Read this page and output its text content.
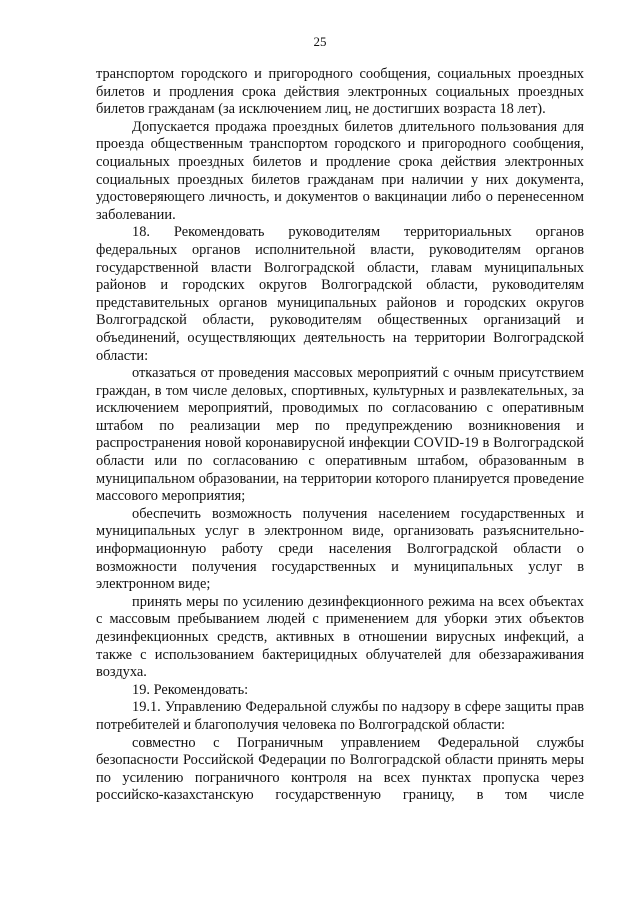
25

транспортом городского и пригородного сообщения, социальных проездных билетов и продления срока действия электронных социальных проездных билетов гражданам (за исключением лиц, не достигших возраста 18 лет).

Допускается продажа проездных билетов длительного пользования для проезда общественным транспортом городского и пригородного сообщения, социальных проездных билетов и продление срока действия электронных социальных проездных билетов гражданам при наличии у них документа, удостоверяющего личность, и документов о вакцинации либо о перенесенном заболевании.

18. Рекомендовать руководителям территориальных органов федеральных органов исполнительной власти, руководителям органов государственной власти Волгоградской области, главам муниципальных районов и городских округов Волгоградской области, руководителям представительных органов муниципальных районов и городских округов Волгоградской области, руководителям общественных организаций и объединений, осуществляющих деятельность на территории Волгоградской области:

отказаться от проведения массовых мероприятий с очным присутствием граждан, в том числе деловых, спортивных, культурных и развлекательных, за исключением мероприятий, проводимых по согласованию с оперативным штабом по реализации мер по предупреждению возникновения и распространения новой коронавирусной инфекции COVID-19 в Волгоградской области или по согласованию с оперативным штабом, образованным в муниципальном образовании, на территории которого планируется проведение массового мероприятия;

обеспечить возможность получения населением государственных и муниципальных услуг в электронном виде, организовать разъяснительно-информационную работу среди населения Волгоградской области о возможности получения государственных и муниципальных услуг в электронном виде;

принять меры по усилению дезинфекционного режима на всех объектах с массовым пребыванием людей с применением для уборки этих объектов дезинфекционных средств, активных в отношении вирусных инфекций, а также с использованием бактерицидных облучателей для обеззараживания воздуха.

19. Рекомендовать:

19.1. Управлению Федеральной службы по надзору в сфере защиты прав потребителей и благополучия человека по Волгоградской области:

совместно с Пограничным управлением Федеральной службы безопасности Российской Федерации по Волгоградской области принять меры по усилению пограничного контроля на всех пунктах пропуска через российско-казахстанскую государственную границу, в том числе
